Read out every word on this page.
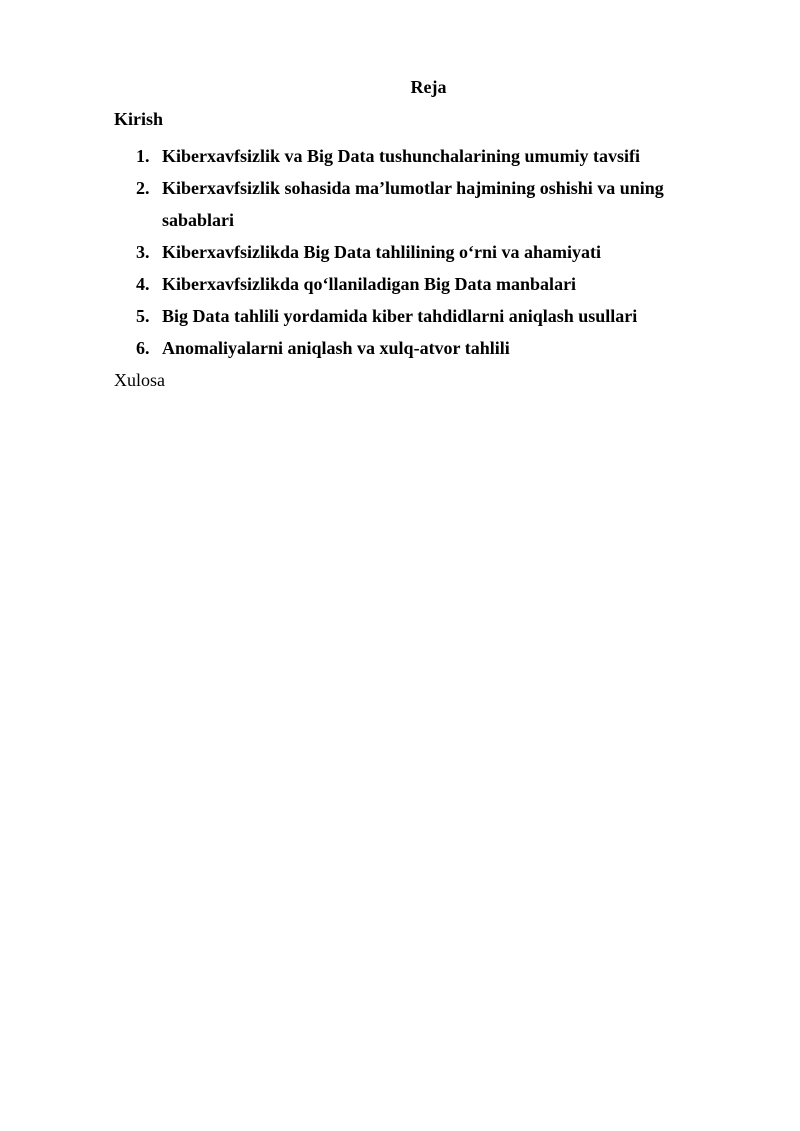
Reja
Kirish
1. Kiberxavfsizlik va Big Data tushunchalarining umumiy tavsifi
2. Kiberxavfsizlik sohasida ma’lumotlar hajmining oshishi va uning sabablari
3. Kiberxavfsizlikda Big Data tahlilining o‘rni va ahamiyati
4. Kiberxavfsizlikda qo‘llaniladigan Big Data manbalari
5. Big Data tahlili yordamida kiber tahdidlarni aniqlash usullari
6. Anomaliyalarni aniqlash va xulq-atvor tahlili
Xulosa
